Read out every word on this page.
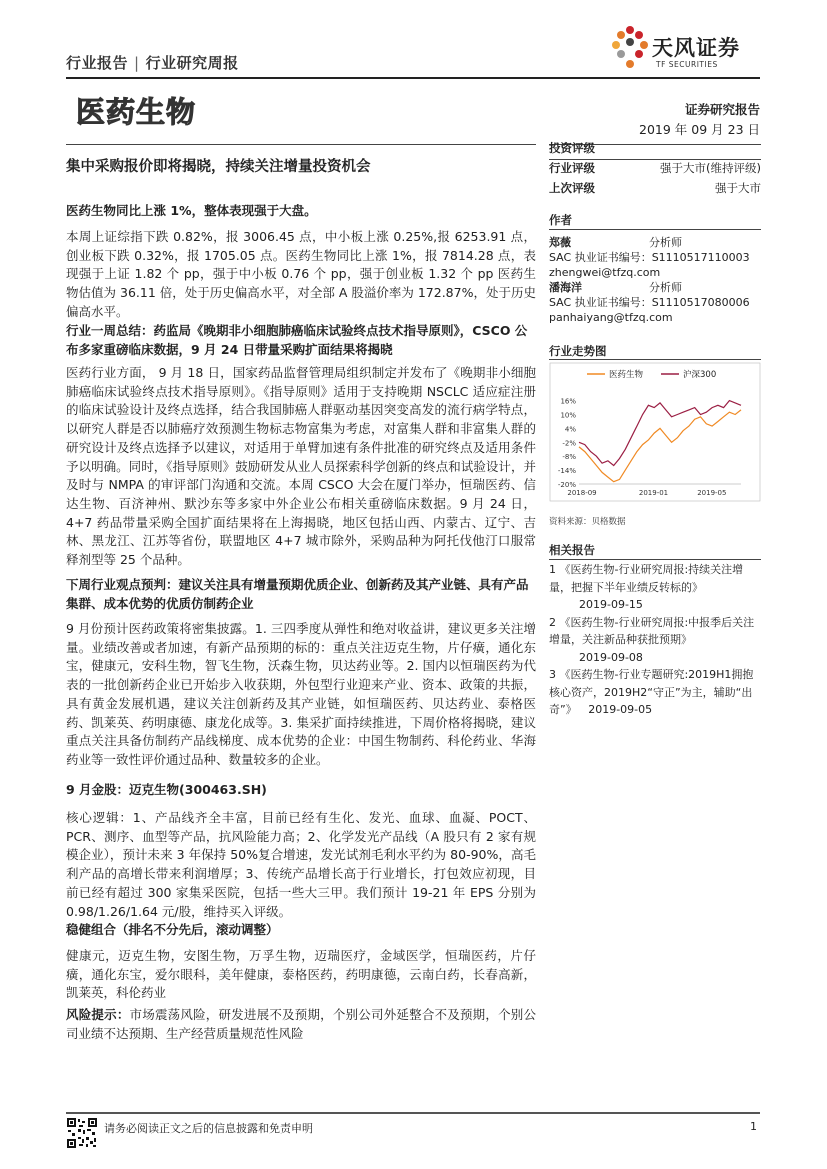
行业报告 | 行业研究周报
天风证券
TF SECURITIES
医药生物	证券研究报告
2019 年 09 月 23 日
集中采购报价即将揭晓，持续关注增量投资机会
投资评级
行业评级	强于大市(维持评级)
上次评级	强于大市
作者
郑薇	分析师
SAC 执业证书编号：S1110517110003
zhengwei@tfzq.com
潘海洋	分析师
SAC 执业证书编号：S1110517080006
panhaiyang@tfzq.com
行业走势图
医药生物	沪深300
16%
10%
4%
-2%
-8%
-14%
-20%
2018-09	2019-01	2019-05
资料来源：贝格数据
相关报告
1 《医药生物-行业研究周报:持续关注增量，把握下半年业绩反转标的》
2019-09-15
2 《医药生物-行业研究周报:中报季后关注增量，关注新品种获批预期》
2019-09-08
3 《医药生物-行业专题研究:2019H1拥抱核心资产，2019H2“守正”为主，辅助“出奇”》 2019-09-05
医药生物同比上涨 1%，整体表现强于大盘。
本周上证综指下跌 0.82%，报 3006.45 点，中小板上涨 0.25%,报 6253.91 点，创业板下跌 0.32%，报 1705.05 点。医药生物同比上涨 1%，报 7814.28 点，表现强于上证 1.82 个 pp，强于中小板 0.76 个 pp，强于创业板 1.32 个 pp 医药生物估值为 36.11 倍，处于历史偏高水平，对全部 A 股溢价率为 172.87%，处于历史偏高水平。
行业一周总结：药监局《晚期非小细胞肺癌临床试验终点技术指导原则》，CSCO 公布多家重磅临床数据，9 月 24 日带量采购扩面结果将揭晓
医药行业方面， 9 月 18 日，国家药品监督管理局组织制定并发布了《晚期非小细胞肺癌临床试验终点技术指导原则》。《指导原则》适用于支持晚期 NSCLC 适应症注册的临床试验设计及终点选择，结合我国肺癌人群驱动基因突变高发的流行病学特点，以研究人群是否以肺癌疗效预测生物标志物富集为考虑，对富集人群和非富集人群的研究设计及终点选择予以建议，对适用于单臂加速有条件批准的研究终点及适用条件予以明确。同时，《指导原则》鼓励研发从业人员探索科学创新的终点和试验设计，并及时与 NMPA 的审评部门沟通和交流。本周 CSCO 大会在厦门举办，恒瑞医药、信达生物、百济神州、默沙东等多家中外企业公布相关重磅临床数据。9 月 24 日，4+7 药品带量采购全国扩面结果将在上海揭晓，地区包括山西、内蒙古、辽宁、吉林、黑龙江、江苏等省份，联盟地区 4+7 城市除外，采购品种为阿托伐他汀口服常释剂型等 25 个品种。
下周行业观点预判：建议关注具有增量预期优质企业、创新药及其产业链、具有产品集群、成本优势的优质仿制药企业
9 月份预计医药政策将密集披露。1. 三四季度从弹性和绝对收益讲，建议更多关注增量。业绩改善或者加速，有新产品预期的标的：重点关注迈克生物，片仔癀，通化东宝，健康元，安科生物，智飞生物，沃森生物，贝达药业等。2. 国内以恒瑞医药为代表的一批创新药企业已开始步入收获期，外包型行业迎来产业、资本、政策的共振，具有黄金发展机遇，建议关注创新药及其产业链，如恒瑞医药、贝达药业、泰格医药、凯莱英、药明康德、康龙化成等。3. 集采扩面持续推进，下周价格将揭晓，建议重点关注具备仿制药产品线梯度、成本优势的企业：中国生物制药、科伦药业、华海药业等一致性评价通过品种、数量较多的企业。
9 月金股：迈克生物(300463.SH)
核心逻辑：1、产品线齐全丰富，目前已经有生化、发光、血球、血凝、POCT、PCR、测序、血型等产品，抗风险能力高；2、化学发光产品线（A 股只有 2 家有规模企业），预计未来 3 年保持 50%复合增速，发光试剂毛利水平约为 80-90%，高毛利产品的高增长带来利润增厚；3、传统产品增长高于行业增长，打包效应初现，目前已经有超过 300 家集采医院，包括一些大三甲。我们预计 19-21 年 EPS 分别为 0.98/1.26/1.64 元/股，维持买入评级。
稳健组合（排名不分先后，滚动调整）
健康元，迈克生物，安图生物，万孚生物，迈瑞医疗，金域医学，恒瑞医药，片仔癀，通化东宝，爱尔眼科，美年健康，泰格医药，药明康德，云南白药，长春高新，凯莱英，科伦药业
风险提示：市场震荡风险，研发进展不及预期，个别公司外延整合不及预期，个别公司业绩不达预期、生产经营质量规范性风险
请务必阅读正文之后的信息披露和免责申明	1
